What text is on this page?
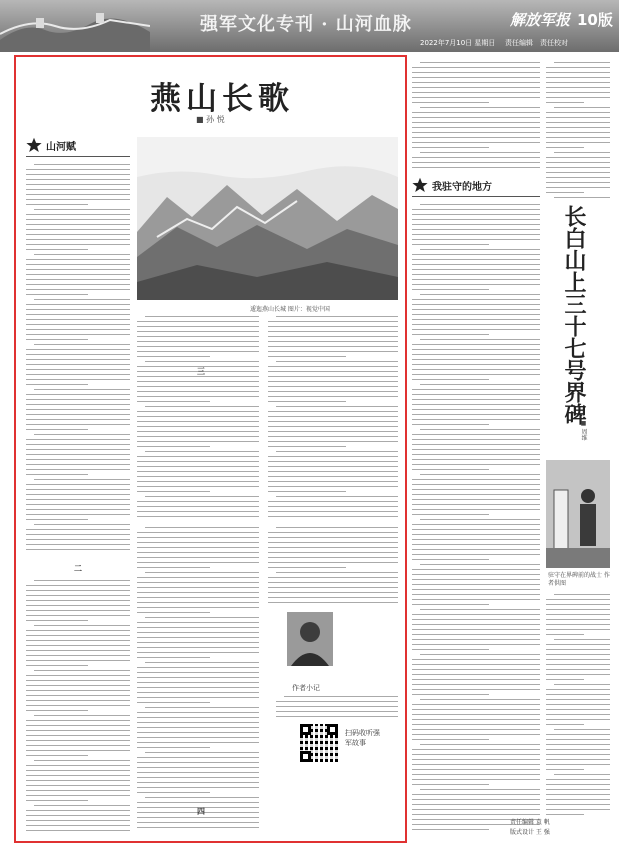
强军文化专刊 · 山河血脉	解放军报 10版
2022年7月10日 星期日 责任编辑 责任校对
燕山长歌
■ 孙 悦
山河赋
二
逶迤燕山长城 图片：视觉中国
三
四
作者小记
扫码收听强军故事
我驻守的地方
长白山上三十七号界碑
■ 周维
驻守在界碑前的战士 作者供图
责任编辑 袁 帆
版式设计 王 强
